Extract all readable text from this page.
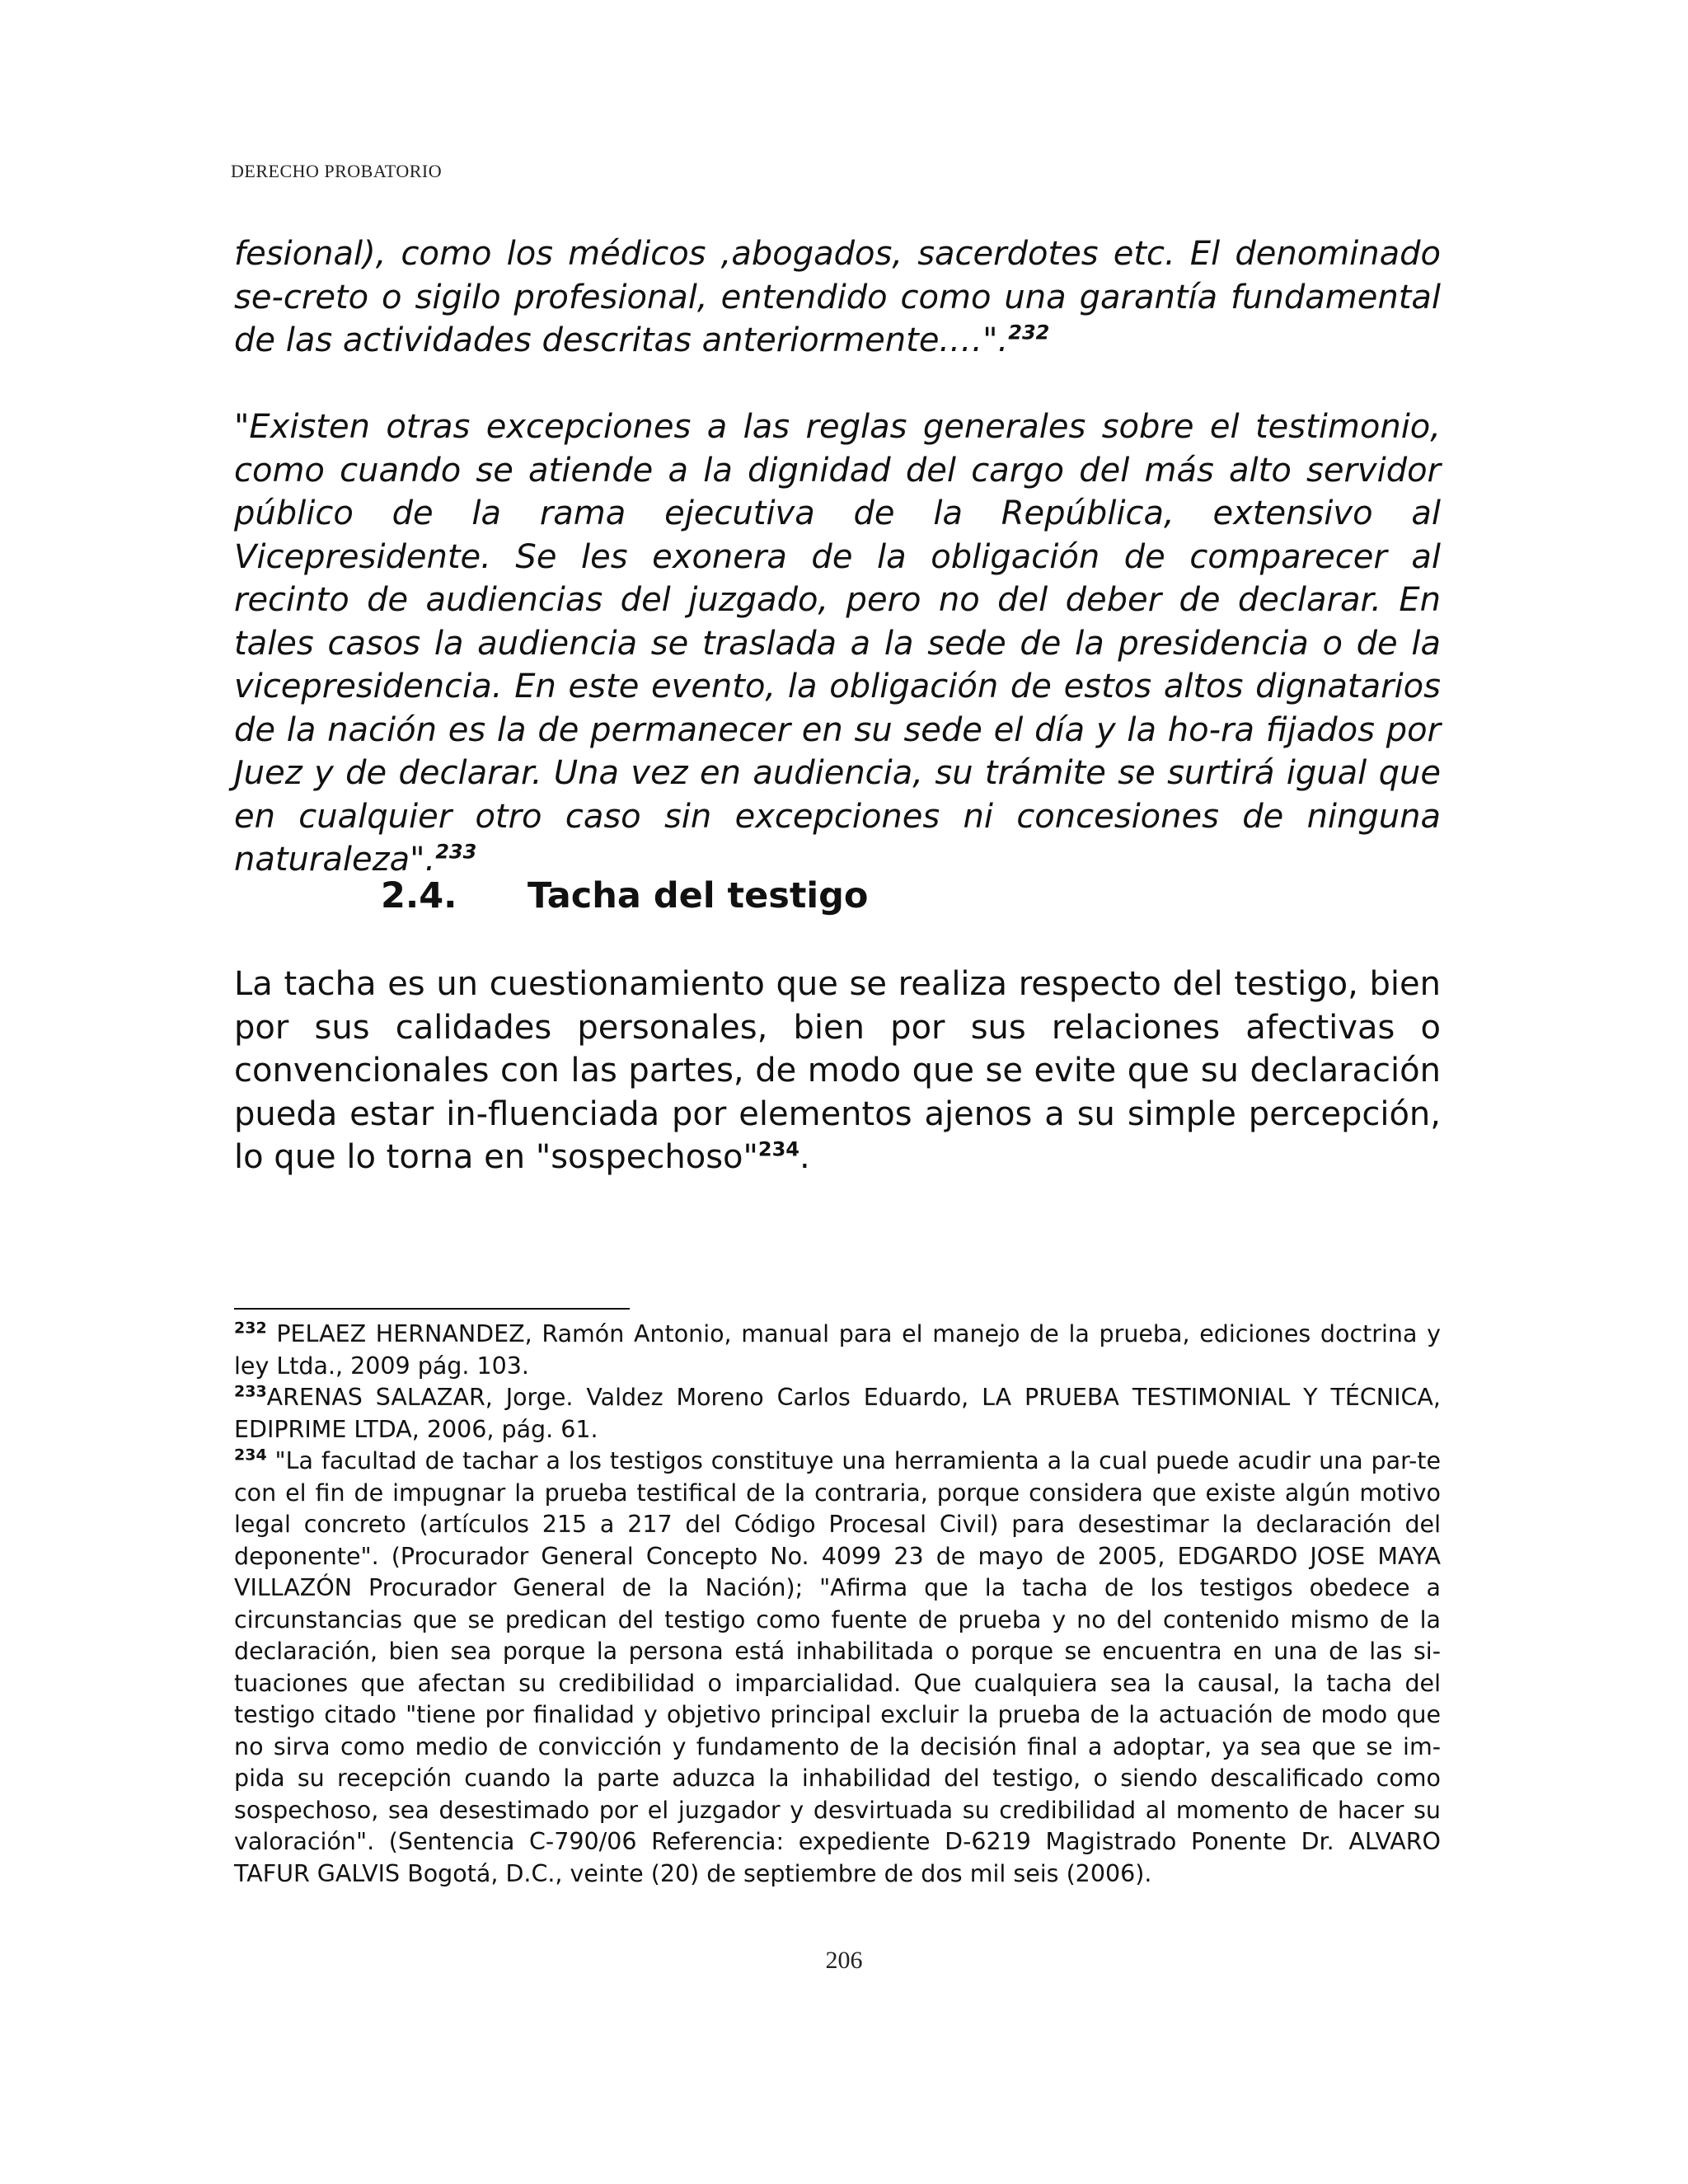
DERECHO PROBATORIO

fesional), como los médicos ,abogados, sacerdotes etc. El denominado se-creto o sigilo profesional, entendido como una garantía fundamental de las actividades descritas anteriormente.…".$^{232}$

"Existen otras excepciones a las reglas generales sobre el testimonio, como cuando se atiende a la dignidad del cargo del más alto servidor público de la rama ejecutiva de la República, extensivo al Vicepresidente. Se les exonera de la obligación de comparecer al recinto de audiencias del juzgado, pero no del deber de declarar. En tales casos la audiencia se traslada a la sede de la presidencia o de la vicepresidencia. En este evento, la obligación de estos altos dignatarios de la nación es la de permanecer en su sede el día y la ho-ra fijados por Juez y de declarar. Una vez en audiencia, su trámite se surtirá igual que en cualquier otro caso sin excepciones ni concesiones de ninguna naturaleza".$^{233}$

2.4. Tacha del testigo

La tacha es un cuestionamiento que se realiza respecto del testigo, bien por sus calidades personales, bien por sus relaciones afectivas o convencionales con las partes, de modo que se evite que su declaración pueda estar in-fluenciada por elementos ajenos a su simple percepción, lo que lo torna en "sospechoso"$^{234}$.

$^{232}$ PELAEZ HERNANDEZ, Ramón Antonio, manual para el manejo de la prueba, ediciones doctrina y ley Ltda., 2009 pág. 103.

$^{233}$ARENAS SALAZAR, Jorge. Valdez Moreno Carlos Eduardo, LA PRUEBA TESTIMONIAL Y TÉCNICA, EDIPRIME LTDA, 2006, pág. 61.

$^{234}$ "La facultad de tachar a los testigos constituye una herramienta a la cual puede acudir una par-te con el fin de impugnar la prueba testifical de la contraria, porque considera que existe algún motivo legal concreto (artículos 215 a 217 del Código Procesal Civil) para desestimar la declaración del deponente". (Procurador General Concepto No. 4099 23 de mayo de 2005, EDGARDO JOSE MAYA VILLAZÓN Procurador General de la Nación); "Afirma que la tacha de los testigos obedece a circunstancias que se predican del testigo como fuente de prueba y no del contenido mismo de la declaración, bien sea porque la persona está inhabilitada o porque se encuentra en una de las si-tuaciones que afectan su credibilidad o imparcialidad. Que cualquiera sea la causal, la tacha del testigo citado "tiene por finalidad y objetivo principal excluir la prueba de la actuación de modo que no sirva como medio de convicción y fundamento de la decisión final a adoptar, ya sea que se im-pida su recepción cuando la parte aduzca la inhabilidad del testigo, o siendo descalificado como sospechoso, sea desestimado por el juzgador y desvirtuada su credibilidad al momento de hacer su valoración". (Sentencia C-790/06 Referencia: expediente D-6219 Magistrado Ponente Dr. ALVARO TAFUR GALVIS Bogotá, D.C., veinte (20) de septiembre de dos mil seis (2006).

206
